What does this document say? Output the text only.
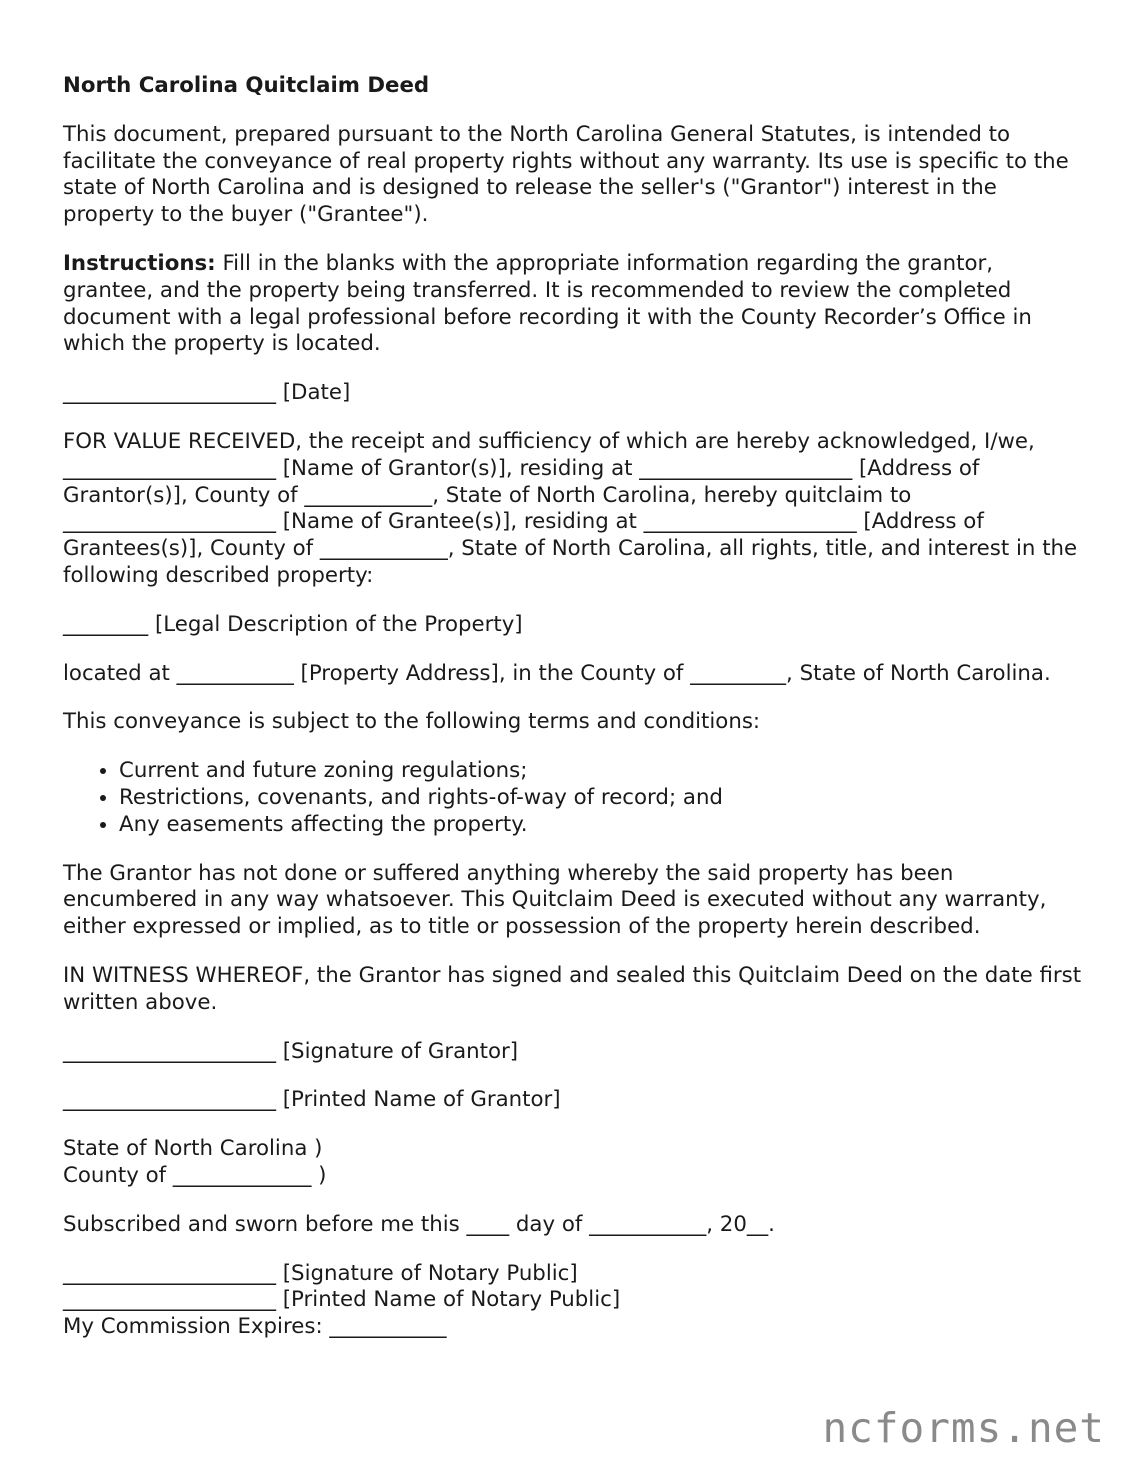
North Carolina Quitclaim Deed

This document, prepared pursuant to the North Carolina General Statutes, is intended to facilitate the conveyance of real property rights without any warranty. Its use is specific to the state of North Carolina and is designed to release the seller's ("Grantor") interest in the property to the buyer ("Grantee").

Instructions: Fill in the blanks with the appropriate information regarding the grantor, grantee, and the property being transferred. It is recommended to review the completed document with a legal professional before recording it with the County Recorder’s Office in which the property is located.

____________________ [Date]

FOR VALUE RECEIVED, the receipt and sufficiency of which are hereby acknowledged, I/we, ____________________ [Name of Grantor(s)], residing at ____________________ [Address of Grantor(s)], County of ____________, State of North Carolina, hereby quitclaim to ____________________ [Name of Grantee(s)], residing at ____________________ [Address of Grantees(s)], County of ____________, State of North Carolina, all rights, title, and interest in the following described property:

________ [Legal Description of the Property]

located at ___________ [Property Address], in the County of _________, State of North Carolina.

This conveyance is subject to the following terms and conditions:

• Current and future zoning regulations;
• Restrictions, covenants, and rights-of-way of record; and
• Any easements affecting the property.

The Grantor has not done or suffered anything whereby the said property has been encumbered in any way whatsoever. This Quitclaim Deed is executed without any warranty, either expressed or implied, as to title or possession of the property herein described.

IN WITNESS WHEREOF, the Grantor has signed and sealed this Quitclaim Deed on the date first written above.

____________________ [Signature of Grantor]

____________________ [Printed Name of Grantor]

State of North Carolina )

County of _____________ )

Subscribed and sworn before me this ____ day of ___________, 20__.

____________________ [Signature of Notary Public]

____________________ [Printed Name of Notary Public]

My Commission Expires: ___________

ncforms.net
